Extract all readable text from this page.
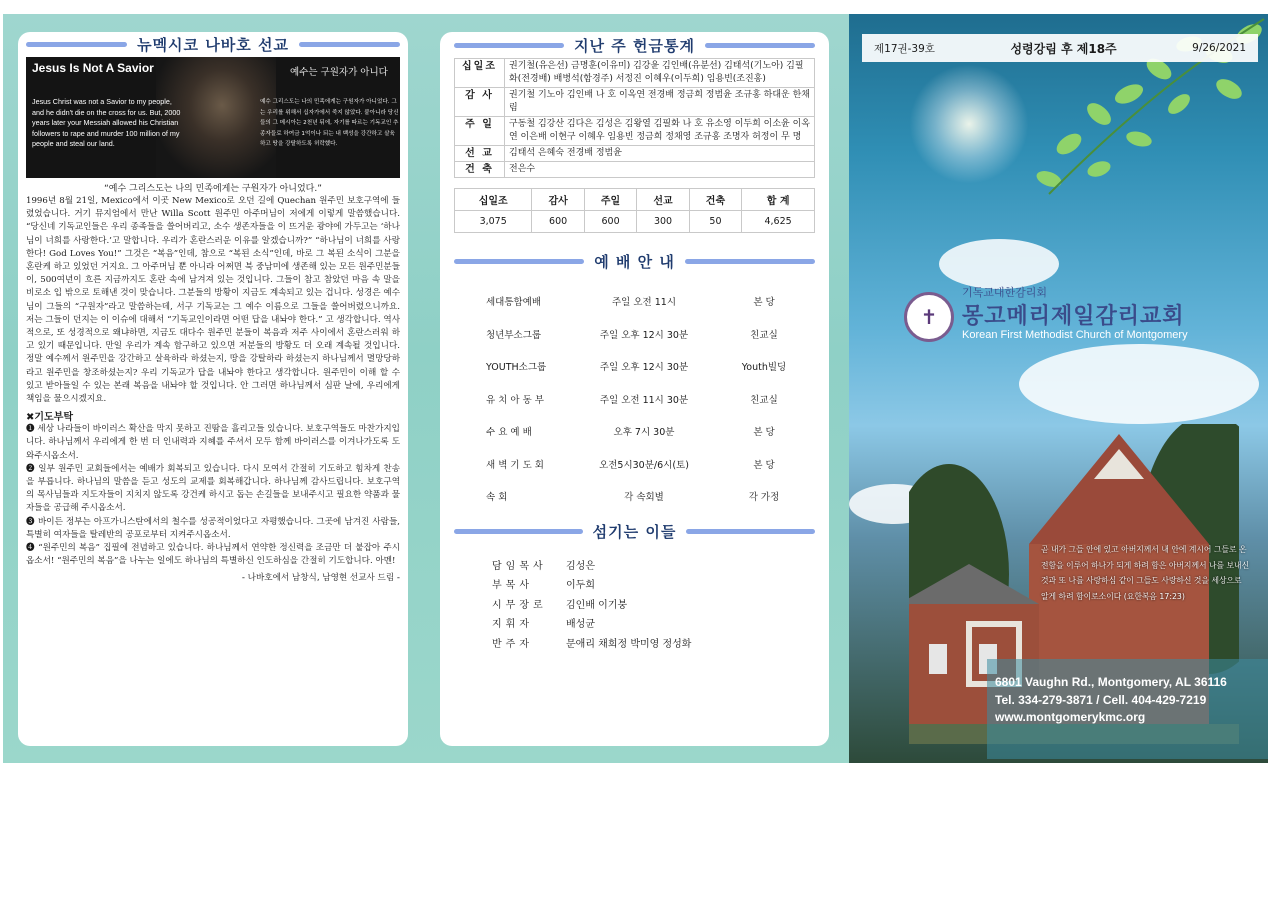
뉴멕시코 나바호 선교
Jesus Is Not A Savior	예수는 구원자가 아니다
Jesus Christ was not a Savior to my people, and he didn't die on the cross for us. But, 2000 years later your Messiah allowed his Christian followers to rape and murder 100 million of my people and steal our land.
예수 그리스도는 나의 민족에게는 구원자가 아니었다. 그는 우리를 위해서 십자가에서 죽지 않았다. 붙아니라 당신들의 그 메시아는 2천년 뒤에, 자기를 따르는 기독교인 추종자들로 하여금 1억이나 되는 내 백성을 강간하고 살육하고 땅을 강탈하도록 허락했다.
“예수 그리스도는 나의 민족에게는 구원자가 아니었다.”

1996년 8월 21일, Mexico에서 이곳 New Mexico로 오던 길에 Quechan 원주민 보호구역에 들렸었습니다. 거기 뮤지엄에서 만난 Willa Scott 원주민 아주머님이 저에게 이렇게 말씀했습니다. “당신네 기독교인들은 우리 종족들을 쓸어버리고, 소수 생존자들을 이 뜨거운 광야에 가두고는 ‘하나님이 너희를 사랑한다.’고 말합니다. 우리가 혼란스러운 이유를 알겠습니까?” “하나님이 너희를 사랑한다! God Loves You!” 그것은 “복음”인데, 참으로 “복된 소식”인데, 바로 그 복된 소식이 그분을 혼란케 하고 있었던 거지요. 그 아주머님 뿐 아니라 어쩌면 북 중남미에 생존해 있는 모든 원주민분들이, 500여년이 흐른 지금까지도 혼란 속에 남겨져 있는 것입니다. 그들이 참고 참았던 마음 속 말을 비로소 입 밖으로 토해낸 것이 맞습니다. 그분들의 방황이 지금도 계속되고 있는 겁니다. 성경은 예수님이 그들의 “구원자”라고 말씀하는데, 서구 기독교는 그 예수 이름으로 그들을 쓸어버렸으니까요. 저는 그들이 던지는 이 이슈에 대해서 “기독교인이라면 어떤 답을 내놔야 한다.” 고 생각합니다. 역사적으로, 또 성경적으로 왜냐하면, 지금도 대다수 원주민 분들이 복음과 저주 사이에서 혼란스러워 하고 있기 때문입니다. 만일 우리가 계속 함구하고 있으면 저분들의 방황도 더 오래 계속될 것입니다. 정말 예수께서 원주민을 강간하고 살육하라 하셨는지, 땅을 강탈하라 하셨는지 하나님께서 멸망당하라고 원주민을 창조하셨는지? 우리 기독교가 답을 내놔야 한다고 생각합니다. 원주민이 이해 할 수 있고 받아들일 수 있는 본래 복음을 내놔야 할 것입니다. 안 그러면 하나님께서 심판 날에, 우리에게 책임을 물으시겠지요.

✖기도부탁

❶ 세상 나라들이 바이러스 확산을 막지 못하고 진땀을 흘리고들 있습니다. 보호구역들도 마찬가지입니다. 하나님께서 우리에게 한 번 더 인내력과 지혜를 주셔서 모두 함께 바이러스를 이겨나가도록 도와주시옵소서.

❷ 일부 원주민 교회들에서는 예배가 회복되고 있습니다. 다시 모여서 간절히 기도하고 힘차게 찬송을 부릅니다. 하나님의 말씀을 듣고 성도의 교제를 회복해갑니다. 하나님께 감사드립니다. 보호구역의 목사님들과 지도자들이 지치지 않도록 강건케 하시고 돕는 손길들을 보내주시고 필요한 약품과 물자들을 공급해 주시옵소서.

❸ 바이든 정부는 아프가니스탄에서의 철수를 성공적이었다고 자평했습니다. 그곳에 남겨진 사람들, 특별히 여자들을 탈레반의 공포로부터 지켜주시옵소서.

❹ “원주민의 복음” 집필에 전념하고 있습니다. 하나님께서 연약한 정신력을 조금만 더 붙잡아 주시옵소서! “원주민의 복음”을 나누는 일에도 하나님의 특별하신 인도하심을 간절히 기도합니다. 아멘!

- 나바호에서 남창식, 남영현 선교사 드림 -
지난 주 헌금통계
십일조	권기철(유은선) 금명훈(이유미) 김강윤 김인배(유분선) 김태석(기노아) 김필화(전경배) 배병석(함경주) 서정진 이혜우(이두희) 임용빈(조진홍)
감 사	권기철 기노아 김인배 나 호 이옥연 전경배 정금희 정범윤 조규홍 하대운 한채림
주 일	구동철 김강산 김다은 김성은 김왕열 김필화 나 호 유소영 이두희 이소윤 이옥연 이은배 이현구 이혜우 임용빈 정금희 정채영 조규홍 조명자 허정이 무 명
선 교	김태석 은혜숙 전경배 정범윤
건 축	전은수
십일조	감사	주일	선교	건축	합 계
3,075	600	600	300	50	4,625
예 배 안 내
세대통합예배	주일 오전 11시	본 당
청년부소그룹	주일 오후 12시 30분	친교실
YOUTH소그룹	주일 오후 12시 30분	Youth빌딩
유 치 아 동 부	주일 오전 11시 30분	친교실
수 요 예 배	오후 7시 30분	본 당
새 벽 기 도 회	오전5시30분/6시(토)	본 당
속 회	각 속회별	각 가정
섬기는 이들
담임목사	김성은
부목사	이두희
시무장로	김인배 이기붕
지휘자	배성균
반주자	문애리 채희정 박미영 정성화
제17권-39호	성령강림 후 제18주	9/26/2021
✝
기독교대한감리회
몽고메리제일감리교회
Korean First Methodist Church of Montgomery
곧 내가 그들 안에 있고 아버지께서 내 안에 계시어 그들로 온전함을 이루어 하나가 되게 하려 함은 아버지께서 나를 보내신 것과 또 나를 사랑하심 같이 그들도 사랑하신 것을 세상으로 알게 하려 함이로소이다 (요한복음 17:23)
6801 Vaughn Rd., Montgomery, AL 36116
Tel. 334-279-3871 / Cell. 404-429-7219
www.montgomerykmc.org
